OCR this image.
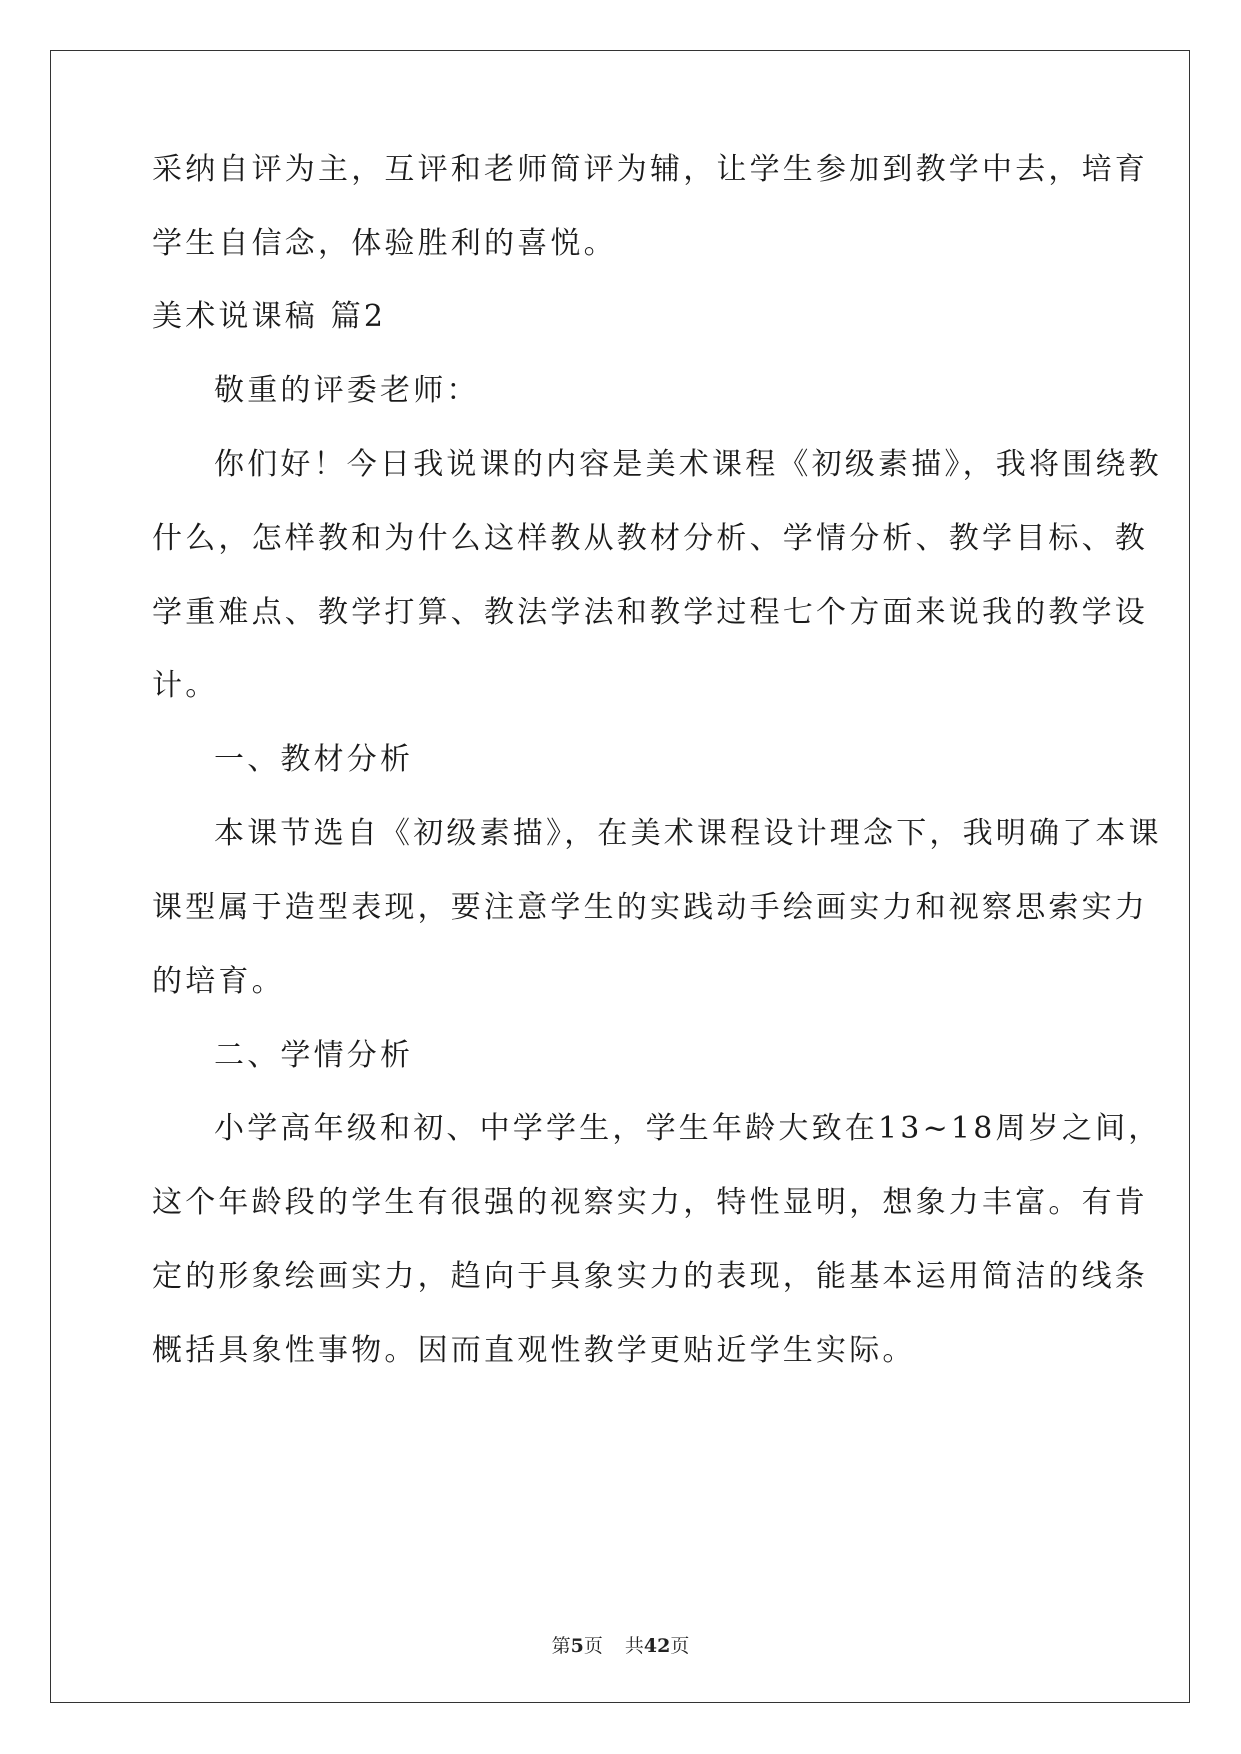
采纳自评为主，互评和老师简评为辅，让学生参加到教学中去，培育
学生自信念，体验胜利的喜悦。
美术说课稿 篇2
敬重的评委老师：
你们好！今日我说课的内容是美术课程《初级素描》，我将围绕教
什么，怎样教和为什么这样教从教材分析、学情分析、教学目标、教
学重难点、教学打算、教法学法和教学过程七个方面来说我的教学设
计。
一、教材分析
本课节选自《初级素描》，在美术课程设计理念下，我明确了本课
课型属于造型表现，要注意学生的实践动手绘画实力和视察思索实力
的培育。
二、学情分析
小学高年级和初、中学学生，学生年龄大致在13~18周岁之间，
这个年龄段的学生有很强的视察实力，特性显明，想象力丰富。有肯
定的形象绘画实力，趋向于具象实力的表现，能基本运用简洁的线条
概括具象性事物。因而直观性教学更贴近学生实际。
第5页 共42页
